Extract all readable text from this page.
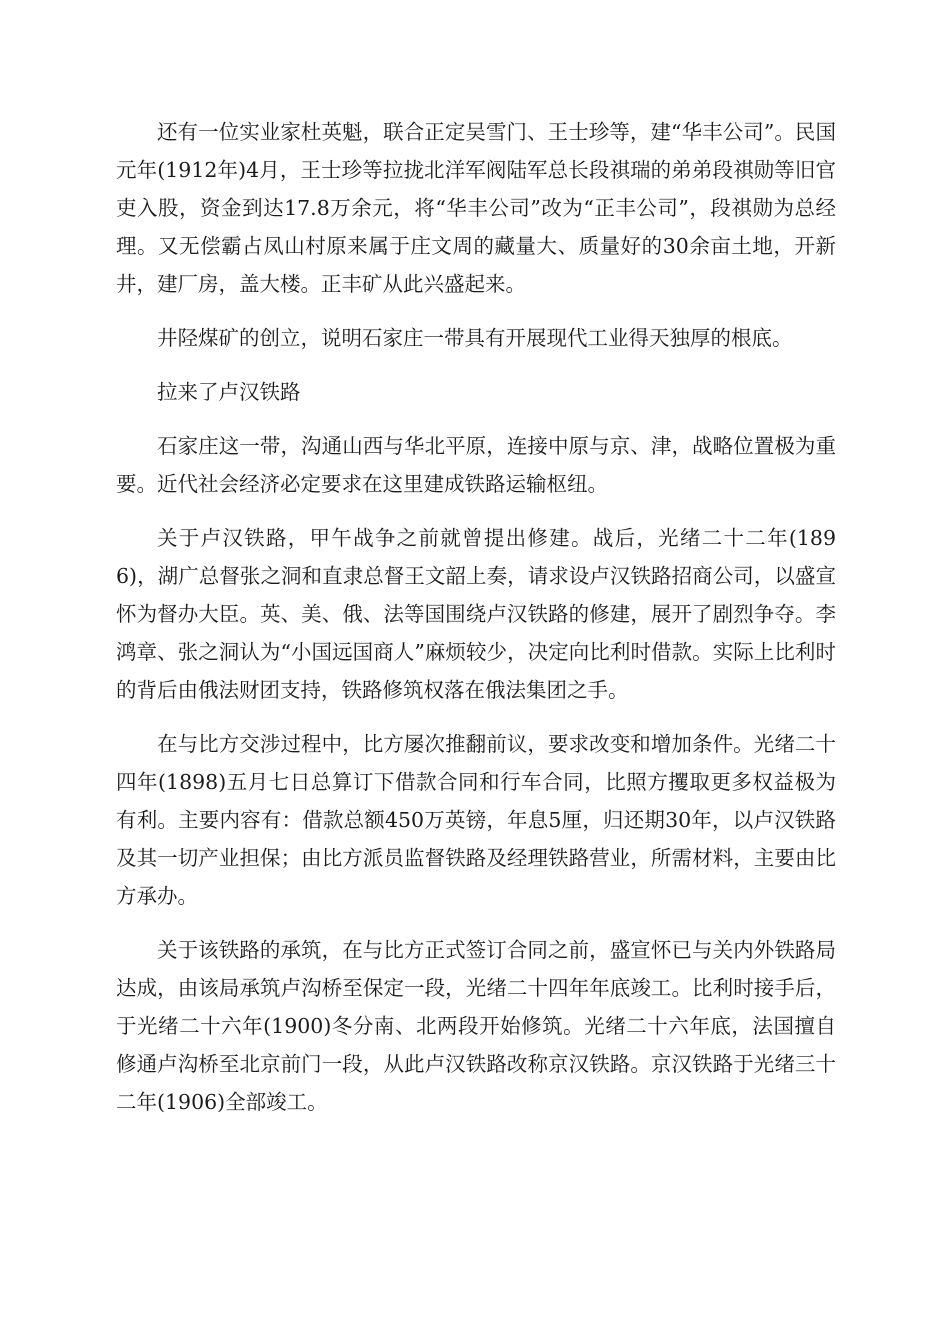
还有一位实业家杜英魁，联合正定吴雪门、王士珍等，建“华丰公司”。民国元年(1912年)4月，王士珍等拉拢北洋军阀陆军总长段祺瑞的弟弟段祺勋等旧官吏入股，资金到达17.8万余元，将“华丰公司”改为“正丰公司”，段祺勋为总经理。又无偿霸占凤山村原来属于庄文周的藏量大、质量好的30余亩土地，开新井，建厂房，盖大楼。正丰矿从此兴盛起来。

井陉煤矿的创立，说明石家庄一带具有开展现代工业得天独厚的根底。

拉来了卢汉铁路

石家庄这一带，沟通山西与华北平原，连接中原与京、津，战略位置极为重要。近代社会经济必定要求在这里建成铁路运输枢纽。

关于卢汉铁路，甲午战争之前就曾提出修建。战后，光绪二十二年(1896)，湖广总督张之洞和直隶总督王文韶上奏，请求设卢汉铁路招商公司，以盛宣怀为督办大臣。英、美、俄、法等国围绕卢汉铁路的修建，展开了剧烈争夺。李鸿章、张之洞认为“小国远国商人”麻烦较少，决定向比利时借款。实际上比利时的背后由俄法财团支持，铁路修筑权落在俄法集团之手。

在与比方交涉过程中，比方屡次推翻前议，要求改变和增加条件。光绪二十四年(1898)五月七日总算订下借款合同和行车合同，比照方攫取更多权益极为有利。主要内容有：借款总额450万英镑，年息5厘，归还期30年，以卢汉铁路及其一切产业担保；由比方派员监督铁路及经理铁路营业，所需材料，主要由比方承办。

关于该铁路的承筑，在与比方正式签订合同之前，盛宣怀已与关内外铁路局达成，由该局承筑卢沟桥至保定一段，光绪二十四年年底竣工。比利时接手后，于光绪二十六年(1900)冬分南、北两段开始修筑。光绪二十六年底，法国擅自修通卢沟桥至北京前门一段，从此卢汉铁路改称京汉铁路。京汉铁路于光绪三十二年(1906)全部竣工。
